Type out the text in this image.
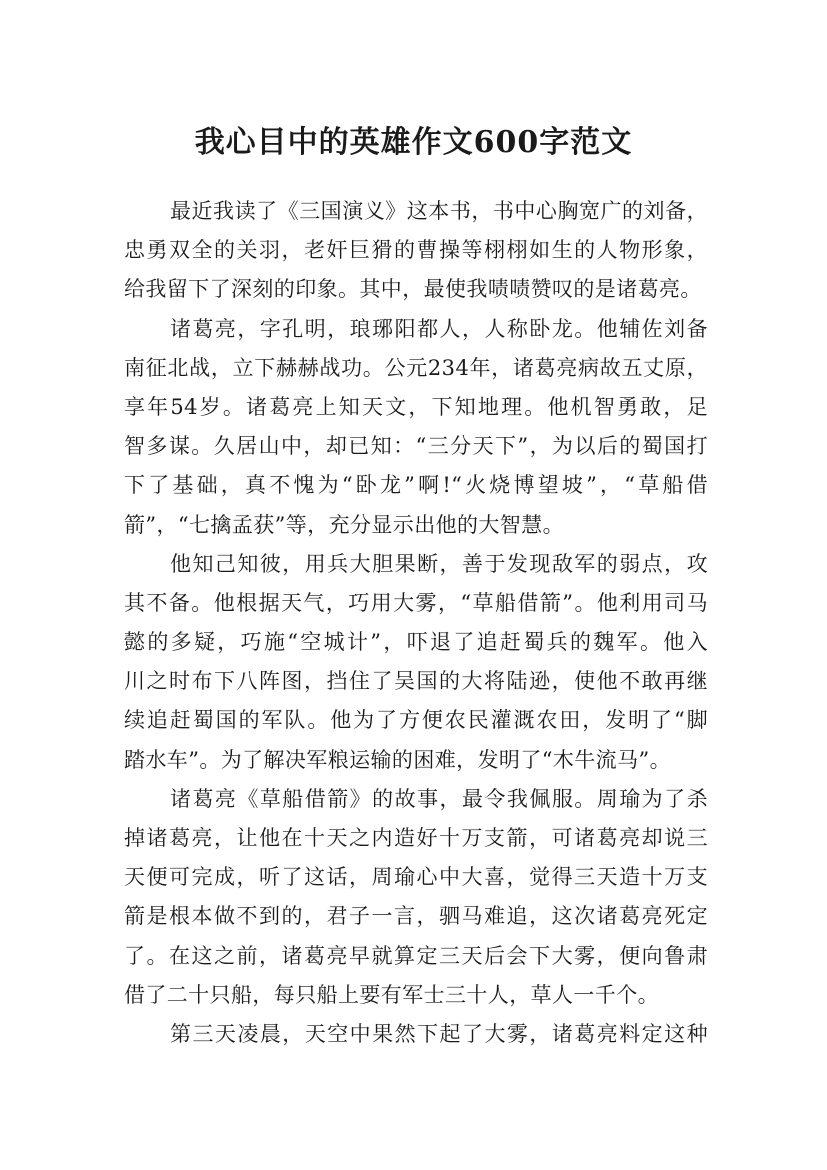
我心目中的英雄作文600字范文
最近我读了《三国演义》这本书，书中心胸宽广的刘备，
忠勇双全的关羽，老奸巨猾的曹操等栩栩如生的人物形象，
给我留下了深刻的印象。其中，最使我啧啧赞叹的是诸葛亮。
诸葛亮，字孔明，琅琊阳都人，人称卧龙。他辅佐刘备
南征北战，立下赫赫战功。公元234年，诸葛亮病故五丈原，
享年54岁。诸葛亮上知天文，下知地理。他机智勇敢，足
智多谋。久居山中，却已知：“三分天下”，为以后的蜀国打
下了基础，真不愧为“卧龙”啊!“火烧博望坡”，“草船借
箭”，“七擒孟获”等，充分显示出他的大智慧。
他知己知彼，用兵大胆果断，善于发现敌军的弱点，攻
其不备。他根据天气，巧用大雾，“草船借箭”。他利用司马
懿的多疑，巧施“空城计”，吓退了追赶蜀兵的魏军。他入
川之时布下八阵图，挡住了吴国的大将陆逊，使他不敢再继
续追赶蜀国的军队。他为了方便农民灌溉农田，发明了“脚
踏水车”。为了解决军粮运输的困难，发明了“木牛流马”。
诸葛亮《草船借箭》的故事，最令我佩服。周瑜为了杀
掉诸葛亮，让他在十天之内造好十万支箭，可诸葛亮却说三
天便可完成，听了这话，周瑜心中大喜，觉得三天造十万支
箭是根本做不到的，君子一言，驷马难追，这次诸葛亮死定
了。在这之前，诸葛亮早就算定三天后会下大雾，便向鲁肃
借了二十只船，每只船上要有军士三十人，草人一千个。
第三天凌晨，天空中果然下起了大雾，诸葛亮料定这种
